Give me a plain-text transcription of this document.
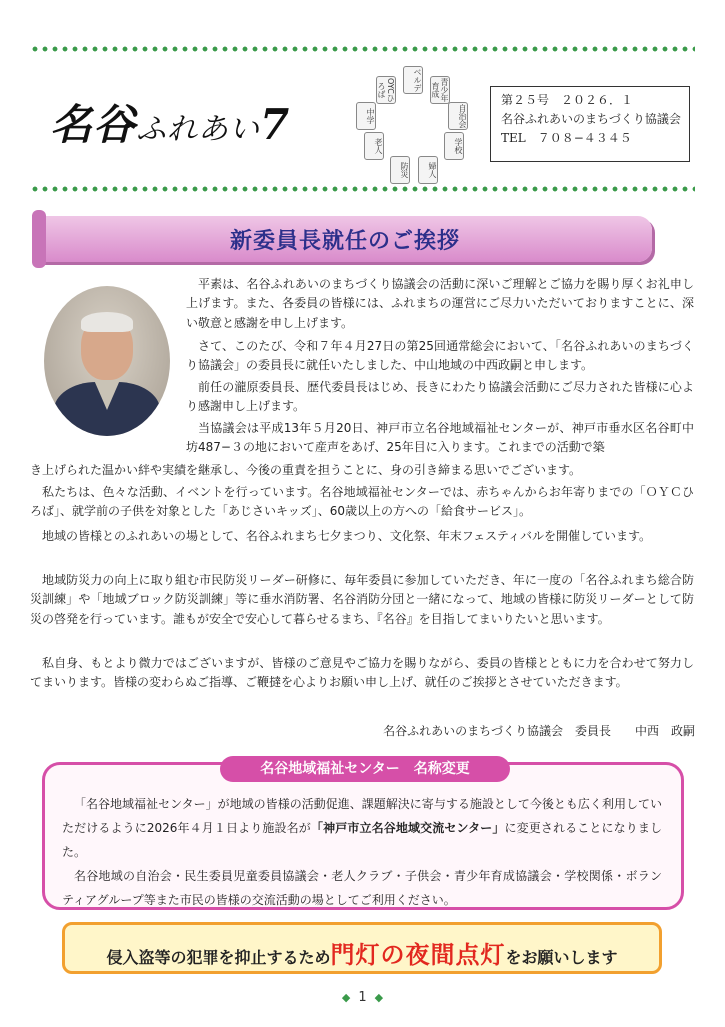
名谷ふれあい7
ベルデ	青少年育成
自治会
学校
婦人
防災
老人
中学
OYCひろば
第２５号　２０２６．１
名谷ふれあいのまちづくり協議会
TEL　７０８−４３４５
新委員長就任のご挨拶

平素は、名谷ふれあいのまちづくり協議会の活動に深いご理解とご協力を賜り厚くお礼申し上げます。また、各委員の皆様には、ふれまちの運営にご尽力いただいておりますことに、深い敬意と感謝を申し上げます。

さて、このたび、令和７年４月27日の第25回通常総会において、「名谷ふれあいのまちづくり協議会」の委員長に就任いたしました、中山地域の中西政嗣と申します。

前任の瀧原委員長、歴代委員長はじめ、長きにわたり協議会活動にご尽力された皆様に心より感謝申し上げます。

当協議会は平成13年５月20日、神戸市立名谷地域福祉センターが、神戸市垂水区名谷町中坊487−３の地において産声をあげ、25年目に入ります。これまでの活動で築

き上げられた温かい絆や実績を継承し、今後の重責を担うことに、身の引き締まる思いでございます。

私たちは、色々な活動、イベントを行っています。名谷地域福祉センターでは、赤ちゃんからお年寄りまでの「ＯＹＣひろば」、就学前の子供を対象とした「あじさいキッズ」、60歳以上の方への「給食サービス」。

地域の皆様とのふれあいの場として、名谷ふれまち七夕まつり、文化祭、年末フェスティバルを開催しています。

地域防災力の向上に取り組む市民防災リーダー研修に、毎年委員に参加していただき、年に一度の「名谷ふれまち総合防災訓練」や「地域ブロック防災訓練」等に垂水消防署、名谷消防分団と一緒になって、地域の皆様に防災リーダーとして防災の啓発を行っています。誰もが安全で安心して暮らせるまち、『名谷』を目指してまいりたいと思います。

私自身、もとより微力ではございますが、皆様のご意見やご協力を賜りながら、委員の皆様とともに力を合わせて努力してまいります。皆様の変わらぬご指導、ご鞭撻を心よりお願い申し上げ、就任のご挨拶とさせていただきます。

名谷ふれあいのまちづくり協議会　委員長　　中西　政嗣
名谷地域福祉センター　名称変更
「名谷地域福祉センター」が地域の皆様の活動促進、課題解決に寄与する施設として今後とも広く利用していただけるように2026年４月１日より施設名が「神戸市立名谷地域交流センター」に変更されることになりました。
名谷地域の自治会・民生委員児童委員協議会・老人クラブ・子供会・青少年育成協議会・学校関係・ボランティアグループ等また市民の皆様の交流活動の場としてご利用ください。
侵入盗等の犯罪を抑止するため門灯の夜間点灯をお願いします
◆ 1 ◆
